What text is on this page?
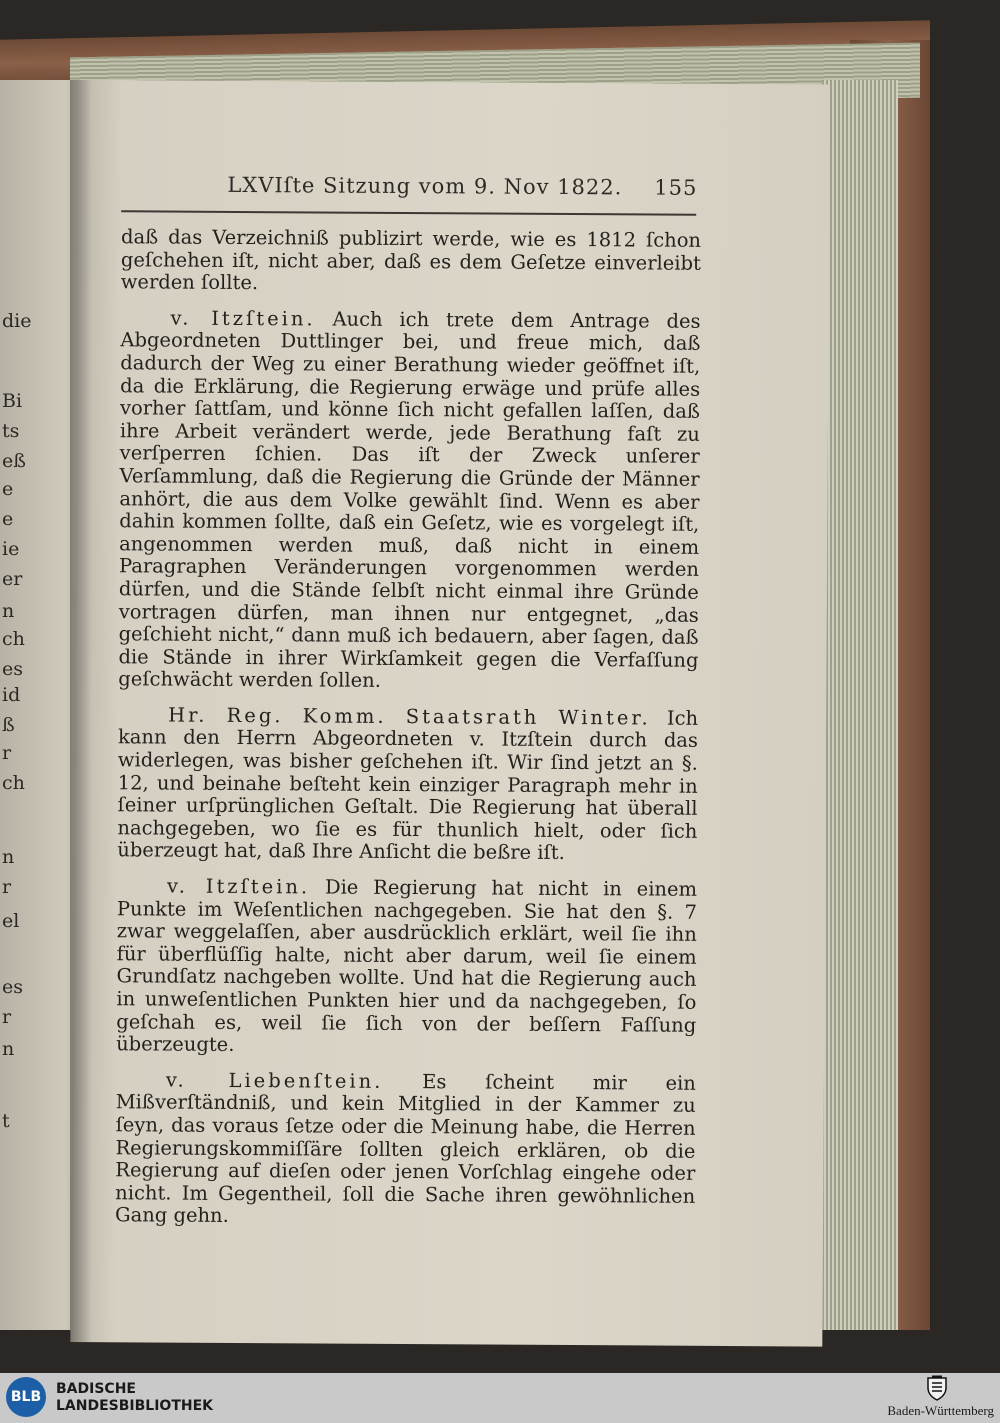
die
Bi
ts
eß
e
e
ie
er
n
ch
es
id
ß
r
ch
n
r
el
es
r
n
t
LXVIſte Sitzung vom 9. Nov 1822. 155

daß das Verzeichniß publizirt werde, wie es 1812 ſchon geſchehen iſt, nicht aber, daß es dem Geſetze einverleibt werden ſollte.

v. Itzſtein. Auch ich trete dem Antrage des Abgeordneten Duttlinger bei, und freue mich, daß dadurch der Weg zu einer Berathung wieder geöffnet iſt, da die Erklärung, die Regierung erwäge und prüfe alles vorher ſattſam, und könne ſich nicht gefallen laſſen, daß ihre Arbeit verändert werde, jede Berathung faſt zu verſperren ſchien. Das iſt der Zweck unſerer Verſammlung, daß die Regierung die Gründe der Männer anhört, die aus dem Volke gewählt ſind. Wenn es aber dahin kommen ſollte, daß ein Geſetz, wie es vorgelegt iſt, angenommen werden muß, daß nicht in einem Paragraphen Veränderungen vorgenommen werden dürfen, und die Stände ſelbſt nicht einmal ihre Gründe vortragen dürfen, man ihnen nur entgegnet, „das geſchieht nicht,“ dann muß ich bedauern, aber ſagen, daß die Stände in ihrer Wirkſamkeit gegen die Verfaſſung geſchwächt werden ſollen.

Hr. Reg. Komm. Staatsrath Winter. Ich kann den Herrn Abgeordneten v. Itzſtein durch das widerlegen, was bisher geſchehen iſt. Wir ſind jetzt an §. 12, und beinahe beſteht kein einziger Paragraph mehr in ſeiner urſprünglichen Geſtalt. Die Regierung hat überall nachgegeben, wo ſie es für thunlich hielt, oder ſich überzeugt hat, daß Ihre Anſicht die beßre iſt.

v. Itzſtein. Die Regierung hat nicht in einem Punkte im Weſentlichen nachgegeben. Sie hat den §. 7 zwar weggelaſſen, aber ausdrücklich erklärt, weil ſie ihn für überflüſſig halte, nicht aber darum, weil ſie einem Grundſatz nachgeben wollte. Und hat die Regierung auch in unweſentlichen Punkten hier und da nachgegeben, ſo geſchah es, weil ſie ſich von der beſſern Faſſung überzeugte.

v. Liebenſtein. Es ſcheint mir ein Mißverſtändniß, und kein Mitglied in der Kammer zu ſeyn, das voraus ſetze oder die Meinung habe, die Herren Regierungskommiſſäre ſollten gleich erklären, ob die Regierung auf dieſen oder jenen Vorſchlag eingehe oder nicht. Im Gegentheil, ſoll die Sache ihren gewöhnlichen Gang gehn.

BLB	BADISCHE
LANDESBIBLIOTHEK	Baden-Württemberg
